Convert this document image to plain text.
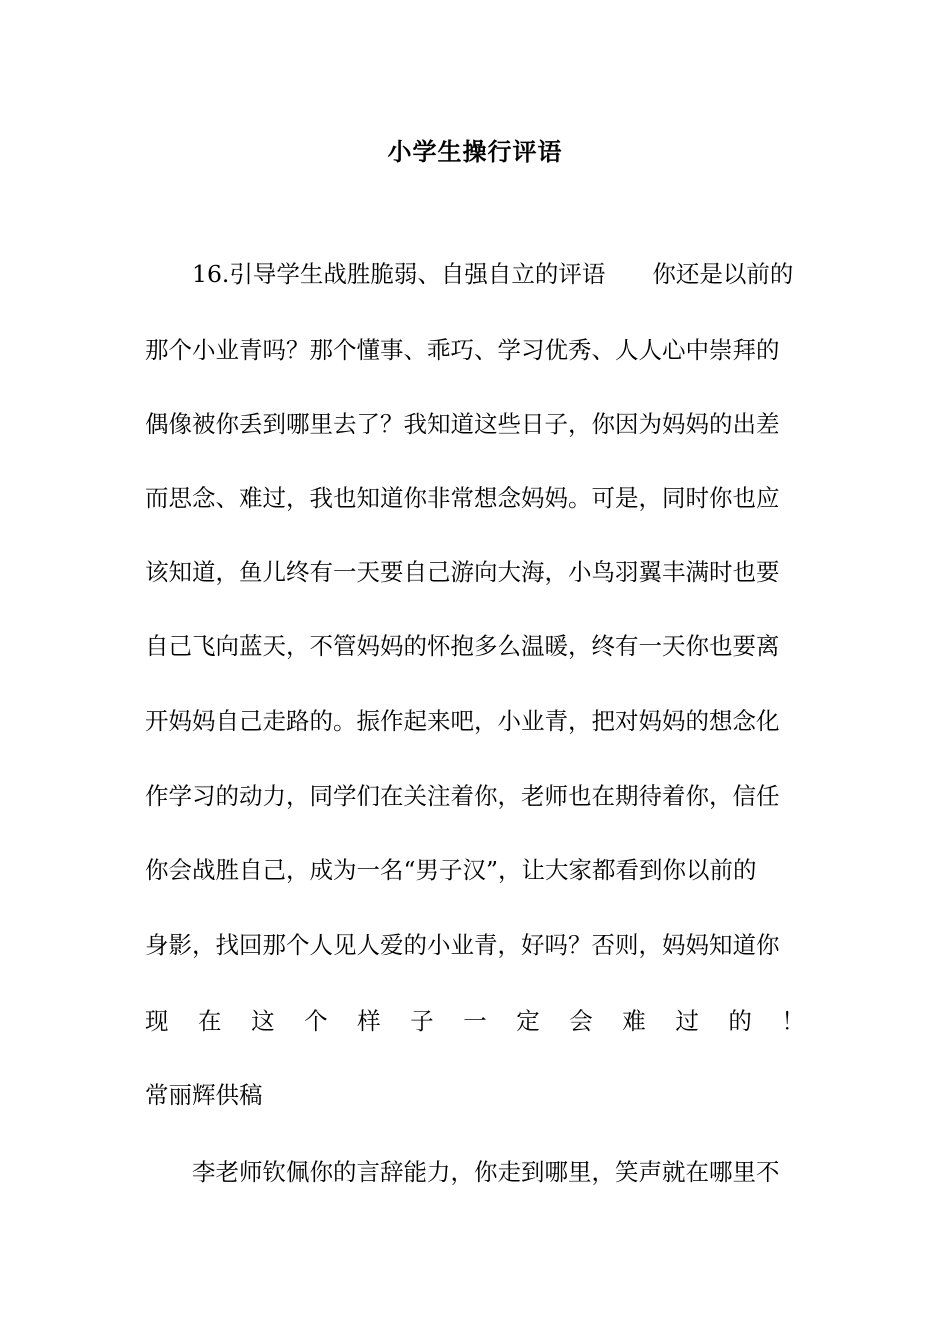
小学生操行评语
16.引导学生战胜脆弱、自强自立的评语　　你还是以前的
那个小业青吗？那个懂事、乖巧、学习优秀、人人心中崇拜的
偶像被你丢到哪里去了？我知道这些日子，你因为妈妈的出差
而思念、难过，我也知道你非常想念妈妈。可是，同时你也应
该知道，鱼儿终有一天要自己游向大海，小鸟羽翼丰满时也要
自己飞向蓝天，不管妈妈的怀抱多么温暖，终有一天你也要离
开妈妈自己走路的。振作起来吧，小业青，把对妈妈的想念化
作学习的动力，同学们在关注着你，老师也在期待着你，信任
你会战胜自己，成为一名“男子汉”，让大家都看到你以前的
身影，找回那个人见人爱的小业青，好吗？否则，妈妈知道你
现 在 这 个 样 子 一 定 会 难 过 的 ！
常丽辉供稿
李老师钦佩你的言辞能力，你走到哪里，笑声就在哪里不
